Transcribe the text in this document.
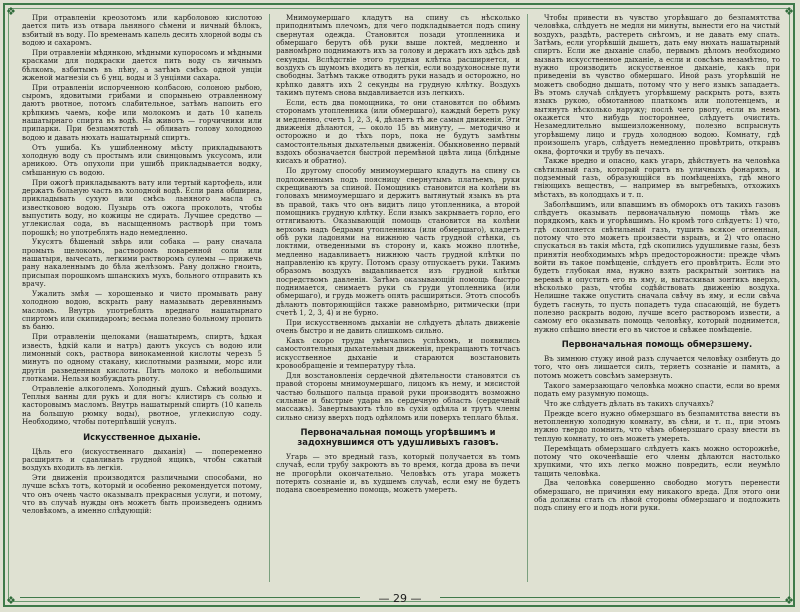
❖	❖
❖	❖

При отравленіи креозотомъ или карболовою кислотою дается пить изъ отвара льняного сѣмени и яичный бѣлокъ, взбитый въ воду. По временамъ капель десять хлорной воды съ водою и сахаромъ.

При отравленіи мѣдянкою, мѣдными купоросомъ и мѣдными красками для подкраски дается пить воду съ яичнымъ бѣлкомъ, взбитымъ въ пѣну, а затѣмъ смѣсь одной унціи жженой магнезіи съ 6 унц. воды и 3 унціями сахара.

При отравленіи испорченною колбасою, солоною рыбою, сыромъ, ядовитыми грибами и спорыньею отравленному даютъ рвотное, потомъ слабительное, затѣмъ напоить его крѣпкимъ чаемъ, кофе или молокомъ и дать 10 капель нашатырнаго спирта въ водѣ. На животъ — горчичники или припарки. При безпамятствѣ — обливать голову холодною водою и давать нюхать нашатырный спиртъ.

Отъ ушиба. Къ ушибленному мѣсту прикладываютъ холодную воду съ простымъ или свинцовымъ уксусомъ, или арникою. Отъ опухоли при ушибѣ прикладывается водку, смѣшанную съ водою.

При ожогѣ прикладываютъ вату или тертый картофель, или держатъ больную часть въ холодной водѣ. Если рана обширна, прикладывать сухую или смѣсь льняного масла съ известковою водою. Пузырь отъ ожога проколоть, чтобы выпустить воду, но кожицы не сдирать. Лучшее средство — углекислая сода, въ насыщенномъ растворѣ при томъ порошкѣ; но употреблять надо немедленно.

Укусятъ бѣшеный звѣрь или собака — рану сначала промыть щелокомъ, растворомъ поваренной соли или нашатыря, вычесать, легкими растворомъ сулемы — прижечь рану накаленнымъ до бѣла желѣзомъ. Рану должно гноить, присыпая порошкомъ шпанскихъ мухъ, больного отправить къ врачу.

Ужалить змѣя — хорошенько и чисто промывать рану холодною водою, вскрыть рану намазывать деревяннымъ масломъ. Внутрь употреблять вреднаго нашатырнаго спиртомъ или скипидаромъ; весьма полезно больному пропить въ баню.

При отравленіи щелоками (нашатыремъ, спиртъ, ѣдкая известь, ѣдкій кали и натръ) даютъ уксусъ съ водою или лимонный сокъ, раствора винокаменной кислоты черезъ 5 минутъ по одному стакану, кислотными разными, морс или другія разведенныя кислоты. Пить молоко и небольшими глотками. Нельзя возбуждать рвоту.

Отравленіе алкоголемъ. Холодный душъ. Свѣжий воздухъ. Теплыя ванны для рукъ и для ногъ: клистиръ съ солью и касторовымъ масломъ. Внутрь нашатырный спиртъ (10 капель на большую рюмку воды), рвотное, углекислую соду. Необходимо, чтобы потерпѣвшій уснулъ.

Искусственное дыханіе.

Цѣль его (искусственнаго дыханія) — попеременно расширять и сдавливать грудной ящикъ, чтобы сжатый воздухъ входилъ въ легкія.

Эти движенія производятся различными способами, но лучше всѣхъ тотъ, который и особенно рекомендуется потому, что онъ очень часто оказывалъ прекрасныя услуги, и потому, что въ случаѣ нужды онъ можетъ быть произведенъ однимъ человѣкомъ, а именно слѣдующій:

Мнимоумершаго кладутъ на спину съ нѣсколько приподнятымъ плечомъ, для чего подкладывается подъ спину свернутая одежда. Становятся позади утопленника и обмершаго берутъ обѣ руки выше локтей, медленно и равномѣрно поднимаютъ ихъ за голову и держатъ ихъ здѣсь двѣ секунды. Вслѣдствіе этого грудная клѣтка расширяется, и воздухъ съ шумомъ входитъ въ легкія, если воздухоносные пути свободны. Затѣмъ также отводятъ руки назадъ и осторожно, но крѣпко давятъ ихъ 2 секунды на грудную клѣтку. Воздухъ такимъ путемъ снова выдавливается изъ легкихъ.

Если, есть два помощника, то они становятся по обѣимъ сторонамъ утопленника (или обмершаго), каждый беретъ руку и медленно, счетъ 1, 2, 3, 4, дѣлаетъ тѣ же самыя движенія. Эти движенія дѣлаются, — около 15 въ минуту, — методично и осторожно и до тѣхъ поръ, пока не будутъ замѣтны самостоятельныя дыхательныя движенія. Обыкновенно первый вздохъ обозначается быстрой перемѣной цвѣта лица (блѣдные кисахъ и обратно).

По другому способу мнимоумершаго кладутъ на спину съ подложеннымъ подъ поясницу свернутымъ платьемъ, руки скрещиваютъ за спиной. Помощникъ становится на колѣни въ головахъ мнимоумершаго и держитъ вытянутый языкъ въ рта въ правой, такъ что онъ видитъ лицо утопленника, а второй помощникъ грудную клѣтку. Если языкъ закрываетъ горло, его оттягиваютъ. Оказывающій помощь становится на колѣни верхомъ надъ бедрами утопленника (или обмершаго), кладетъ обѣ руки ладонями на нижнюю часть грудной стѣнки, съ локтями, отведенными въ сторону и, какъ можно плотнѣе, медленно надавливаетъ нижнюю часть грудной клѣтки по направленію къ кругу. Потомъ сразу отпускаетъ руки. Такимъ образомъ воздухъ выдавливается изъ грудной клѣтки посредствомъ давленія. Затѣмъ оказывающій помощь быстро поднимается, снимаетъ руки съ груди утопленника (или обмершаго), и грудь можетъ опять расширяться. Этотъ способъ дѣлаютъ повторяющійся также равномѣрно, ритмически (при счетѣ 1, 2, 3, 4) и не бурно.

При искусственномъ дыханіи не слѣдуетъ дѣлать движеніе очень быстро и не давить слишкомъ сильно.

Какъ скоро труды увѣнчались успѣхомъ, и появились самостоятельныя дыхательныя движенія, прекращаютъ тотчасъ искусственное дыханіе и стараются возстановить кровообращеніе и температуру тѣла.

Для возстановленія сердечной дѣятельности становятся съ правой стороны мнимоумершаго, лицомъ къ нему, и мясистой частью большого пальца правой руки производятъ возможно сильные и быстрые удары въ сердечную область (сердечный массажъ). Завертываютъ тѣло въ сухія одѣяла и трутъ члены сильно снизу вверхъ подъ одѣяломъ или поверхъ теплаго бѣлья.

Первоначальная помощь угорѣвшимъ и задохнувшимся отъ удушливыхъ газовъ.

Угарь — это вредный газъ, который получается въ томъ случаѣ, если трубу закроютъ въ то время, когда дрова въ печи не прогорѣли окончательно. Человѣкъ отъ угара можетъ потерять сознаніе и, въ худшемъ случаѣ, если ему не будетъ подана своевременно помощь, можетъ умереть.

Чтобы привести въ чувство угорѣвшаго до безпамятства человѣка, слѣдуетъ не медля ни минуты, вынести его на чистый воздухъ, раздѣть, растереть снѣгомъ, и не давать ему спать. Затѣмъ, если угорѣвшій дышетъ, дать ему нюхать нашатырный спиртъ. Если же дыханіе слабо, первымъ дѣломъ необходимо вызвать искусственное дыханіе, а если и совсѣмъ незамѣтно, то нужно производить искусственное дыханіе, какъ при приведеніи въ чувство обмершаго. Иной разъ угорѣвшій не можетъ свободно дышать, потому что у него языкъ западаетъ. Въ этомъ случаѣ слѣдуетъ угорѣвшему раскрыть ротъ, взять языкъ рукою, обмотанною платкомъ или полотенцемъ, и вытянуть нѣсколько наружу; послѣ чего рвоту, если въ немъ окажется что нибудь постороннее, слѣдуетъ очистить. Незамедлительно вышеизложенному, полезно вспрыснуть угорѣвшему лицо и грудь холодною водою. Комнату, гдѣ произошелъ угаръ, слѣдуетъ немедленно провѣтрить, открывъ окна, форточки и трубу въ печахъ.

Также вредно и опасно, какъ угаръ, дѣйствуетъ на человѣка свѣтильный газъ, который горитъ въ уличныхъ фонаряхъ, и подземный газъ, образующійся въ помѣщеніяхъ, гдѣ много гніющихъ веществъ, — например въ выгребныхъ, отхожихъ мѣстахъ, въ колодцахъ и т. п.

Заболѣвшимъ, или впавшимъ въ обморокъ отъ такихъ газовъ слѣдуетъ оказывать первоначальную помощь тѣмъ же порядкомъ, какъ и угорѣвшимъ. Но кромѣ того слѣдуетъ: 1) что, гдѣ скопляется свѣтильный газъ, тушить всякое огненныя, потому что это можетъ произвести взрывъ, и 2) что опасно спускаться въ такія мѣста, гдѣ скопились удушливые газы, безъ принятія необходимыхъ мѣръ предосторожности: прежде чѣмъ войти въ такое помѣщеніе, слѣдуетъ его провѣтрить. Если это будетъ глубокая яма, нужно взять раскрытый зонтикъ на веревкѣ и опустить его въ яму, и, вытаскивая зонтикъ вверхъ, нѣсколько разъ, чтобы содѣйствовать движенію воздуха. Нелишне также опустить сначала свѣчу въ яму, и если свѣча будетъ гаснуть, то пусть попадетъ туда спасающій, не будетъ полезно раскрыть водою, лучше всего растворомъ извести, а самому его оказывать помощь человѣку, который поднимется, нужно спѣшно внести его въ чистое и свѣжее помѣщеніе.

Первоначальная помощь обмерзшему.

Въ зимнюю стужу иной разъ случается человѣку озябнуть до того, что онъ лишается силъ, теряетъ сознаніе и память, а потомъ можетъ совсѣмъ замерзнуть.

Такого замерзающаго человѣка можно спасти, если во время подать ему разумную помощь.

Что же слѣдуетъ дѣлать въ такихъ случаяхъ?

Прежде всего нужно обмерзшаго въ безпамятства внести въ нетопленную холодную комнату, въ сѣни, и т. п., при этомъ нужно твердо помнить, что чѣмъ обмерзшаго сразу внести въ теплую комнату, то онъ можетъ умереть.

Перемѣщать обмерзшаго слѣдуетъ какъ можно осторожнѣе, потому что окоченѣвшіе его члены дѣлаются настолько хрупкими, что ихъ легко можно повредить, если неумѣло тащить человѣка.

Два человѣка совершенно свободно могутъ перенести обмерзшаго, не причиняя ему никакого вреда. Для этого они оба должны стать съ лѣвой стороны обмерзшаго и подложить подъ спину его и подъ ноги руки.

— 29 —
